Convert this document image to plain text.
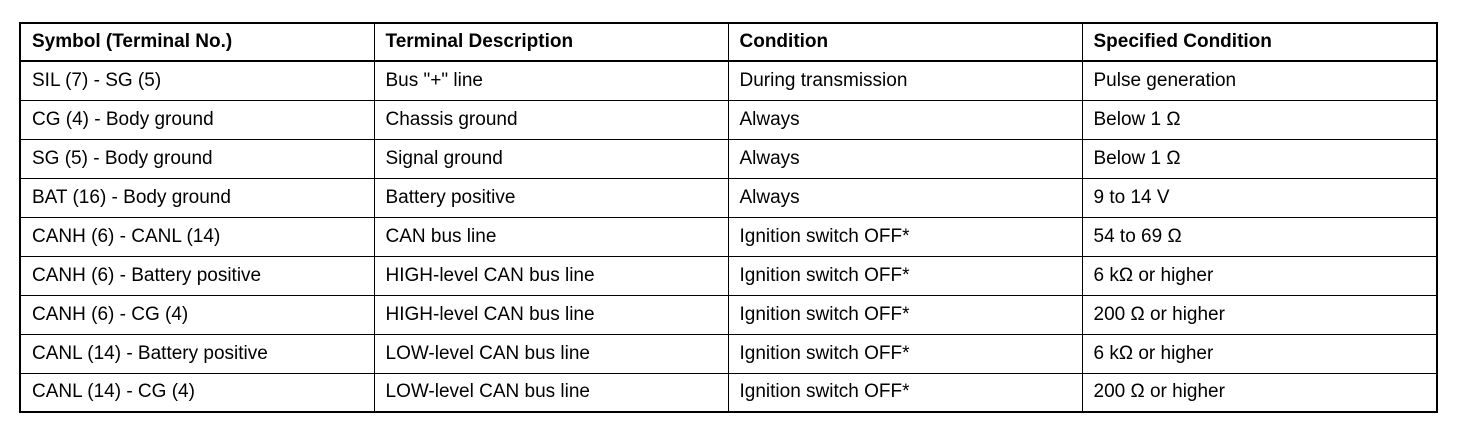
Symbol (Terminal No.)	Terminal Description	Condition	Specified Condition
SIL (7) - SG (5)	Bus "+" line	During transmission	Pulse generation
CG (4) - Body ground	Chassis ground	Always	Below 1 Ω
SG (5) - Body ground	Signal ground	Always	Below 1 Ω
BAT (16) - Body ground	Battery positive	Always	9 to 14 V
CANH (6) - CANL (14)	CAN bus line	Ignition switch OFF*	54 to 69 Ω
CANH (6) - Battery positive	HIGH-level CAN bus line	Ignition switch OFF*	6 kΩ or higher
CANH (6) - CG (4)	HIGH-level CAN bus line	Ignition switch OFF*	200 Ω or higher
CANL (14) - Battery positive	LOW-level CAN bus line	Ignition switch OFF*	6 kΩ or higher
CANL (14) - CG (4)	LOW-level CAN bus line	Ignition switch OFF*	200 Ω or higher
